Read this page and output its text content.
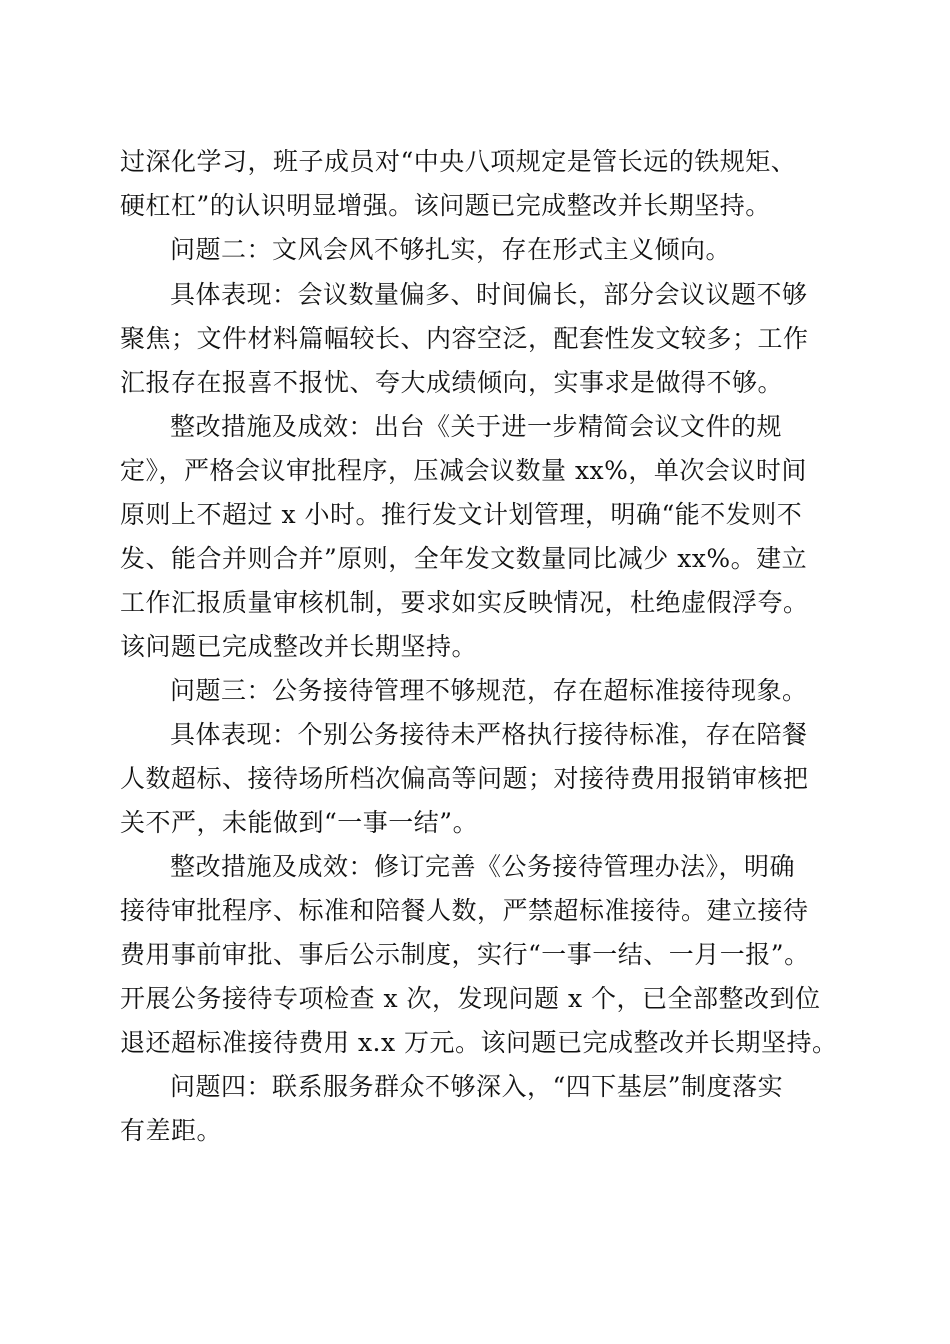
过深化学习，班子成员对“中央八项规定是管长远的铁规矩、
硬杠杠”的认识明显增强。该问题已完成整改并长期坚持。
问题二：文风会风不够扎实，存在形式主义倾向。
具体表现：会议数量偏多、时间偏长，部分会议议题不够
聚焦；文件材料篇幅较长、内容空泛，配套性发文较多；工作
汇报存在报喜不报忧、夸大成绩倾向，实事求是做得不够。
整改措施及成效：出台《关于进一步精简会议文件的规
定》，严格会议审批程序，压减会议数量 xx%，单次会议时间
原则上不超过 x 小时。推行发文计划管理，明确“能不发则不
发、能合并则合并”原则，全年发文数量同比减少 xx%。建立
工作汇报质量审核机制，要求如实反映情况，杜绝虚假浮夸。
该问题已完成整改并长期坚持。
问题三：公务接待管理不够规范，存在超标准接待现象。
具体表现：个别公务接待未严格执行接待标准，存在陪餐
人数超标、接待场所档次偏高等问题；对接待费用报销审核把
关不严，未能做到“一事一结”。
整改措施及成效：修订完善《公务接待管理办法》，明确
接待审批程序、标准和陪餐人数，严禁超标准接待。建立接待
费用事前审批、事后公示制度，实行“一事一结、一月一报”。
开展公务接待专项检查 x 次，发现问题 x 个，已全部整改到位
退还超标准接待费用 x.x 万元。该问题已完成整改并长期坚持。
问题四：联系服务群众不够深入，“四下基层”制度落实
有差距。
